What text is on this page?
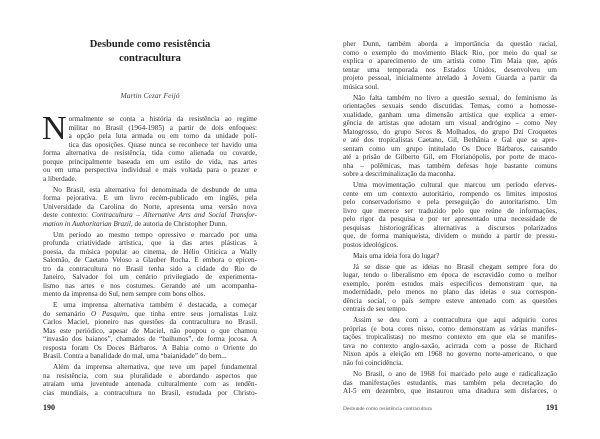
Desbunde como resistência
contracultura
Martin Cezar Feijó
N ormalmente se conta a história da resistência ao regime
militar no Brasil (1964-1985) a partir de dois enfoques:
a opção pela luta armada ou em torno da unidade polí-
tica das oposições. Quase nunca se reconhece ter havido uma
forma alternativa de resistência, tida como alienada ou covarde,
porque principalmente baseada em um estilo de vida, nas artes
ou em uma perspectiva individual e mais voltada para o prazer e
a liberdade.
No Brasil, esta alternativa foi denominada de desbunde de uma
forma pejorativa. E um livro recém-publicado em inglês, pela
Universidade da Carolina do Norte, apresenta uma versão nova
deste contexto: Contracultura – Alternative Arts and Social Transfor-
mation in Authoritarian Brazil, de autoria de Christopher Dunn.
Um período ao mesmo tempo opressivo e marcado por uma
profunda criatividade artística, que ia das artes plásticas à
poesia, da música popular ao cinema, de Hélio Oiticica a Wally
Salomão, de Caetano Veloso a Glauber Rocha. E embora o epicen-
tro da contracultura no Brasil tenha sido a cidade do Rio de
Janeiro, Salvador foi um cenário privilegiado de experimenta-
lismo nas artes e nos costumes. Gerando até um acompanha-
mento da imprensa do Sul, nem sempre com bons olhos.
E uma imprensa alternativa também é destacada, a começar
do semanário O Pasquim, que tinha entre seus jornalistas Luiz
Carlos Maciel, pioneiro nas questões da contracultura no Brasil.
Mas este periódico, apesar de Maciel, não poupou o que chamou
“invasão dos baianos”, chamados de “baihunos”, de forma jocosa. A
resposta foram Os Doces Bárbaros. A Bahia como o Oriente do
Brasil. Contra a banalidade do mal, uma “baianidade” do bem...
Além da imprensa alternativa, que teve um papel fundamental
na resistência, com sua pluralidade e abordando aspectos que
atraíam uma juventude antenada culturalmente com as tendên-
cias mundiais, a contracultura no Brasil, estudada por Christo-
190
pher Dunn, também aborda a importância da questão racial,
como o exemplo do movimento Black Rio, por meio do qual se
explica o aparecimento de um artista como Tim Maia que, após
tentar uma temporada nos Estados Unidos, desenvolveu um
projeto pessoal, inicialmente atrelado à Jovem Guarda a partir da
música soul.
Não falta também no livro a questão sexual, do feminismo às
orientações sexuais sendo discutidas. Temas, como a homosse-
xualidade, ganham uma dimensão artística que explica a emer-
gência de artistas que adotam um visual andrógino – como Ney
Matogrosso, do grupo Secos & Molhados, do grupo Dzi Croquetes
e até dos tropicalistas Caetano, Gil, Bethânia e Gal que se apre-
sentam como um grupo intitulado Os Doce Bárbaros, causando
até a prisão de Gilberto Gil, em Florianópolis, por porte de maco-
nha – polêmicas, mas também defesas hoje bastante comuns
sobre a descriminalização da maconha.
Uma movimentação cultural que marcou um período eferves-
cente em um contexto autoritário, rompendo os limites impostos
pelo conservadorismo e pela perseguição do autoritarismo. Um
livro que merece ser traduzido pelo que reúne de informações,
pelo rigor da pesquisa e por ter apresentado uma necessidade de
pesquisas historiográficas alternativas a discursos polarizados
que, de forma maniqueísta, dividem o mundo a partir de pressu-
postos ideológicos.
Mais uma ideia fora do lugar?
Já se disse que as ideias no Brasil chegam sempre fora do
lugar, tendo o liberalismo em época de escravidão como o melhor
exemplo, porém estudos mais específicos demonstram que, na
modernidade, pelo menos no plano das ideias e sua correspon-
dência social, o país sempre esteve antenado com as questões
centrais de seu tempo.
Assim se deu com a contracultura que aqui adquiriu cores
próprias (e bota cores nisso, como demonstram as várias manifes-
tações tropicalistas) no mesmo contexto em que ela se manifes-
tava no contexto anglo-saxão, acirrada com a posse de Richard
Nixon após a eleição em 1968 no governo norte-americano, o que
não foi coincidência.
No Brasil, o ano de 1968 foi marcado pelo auge e radicalização
das manifestações estudantis, mas também pela decretação do
AI-5 em dezembro, que instaurou uma ditadura sem disfarces, o
Desbunde como resistência contracultura	191
